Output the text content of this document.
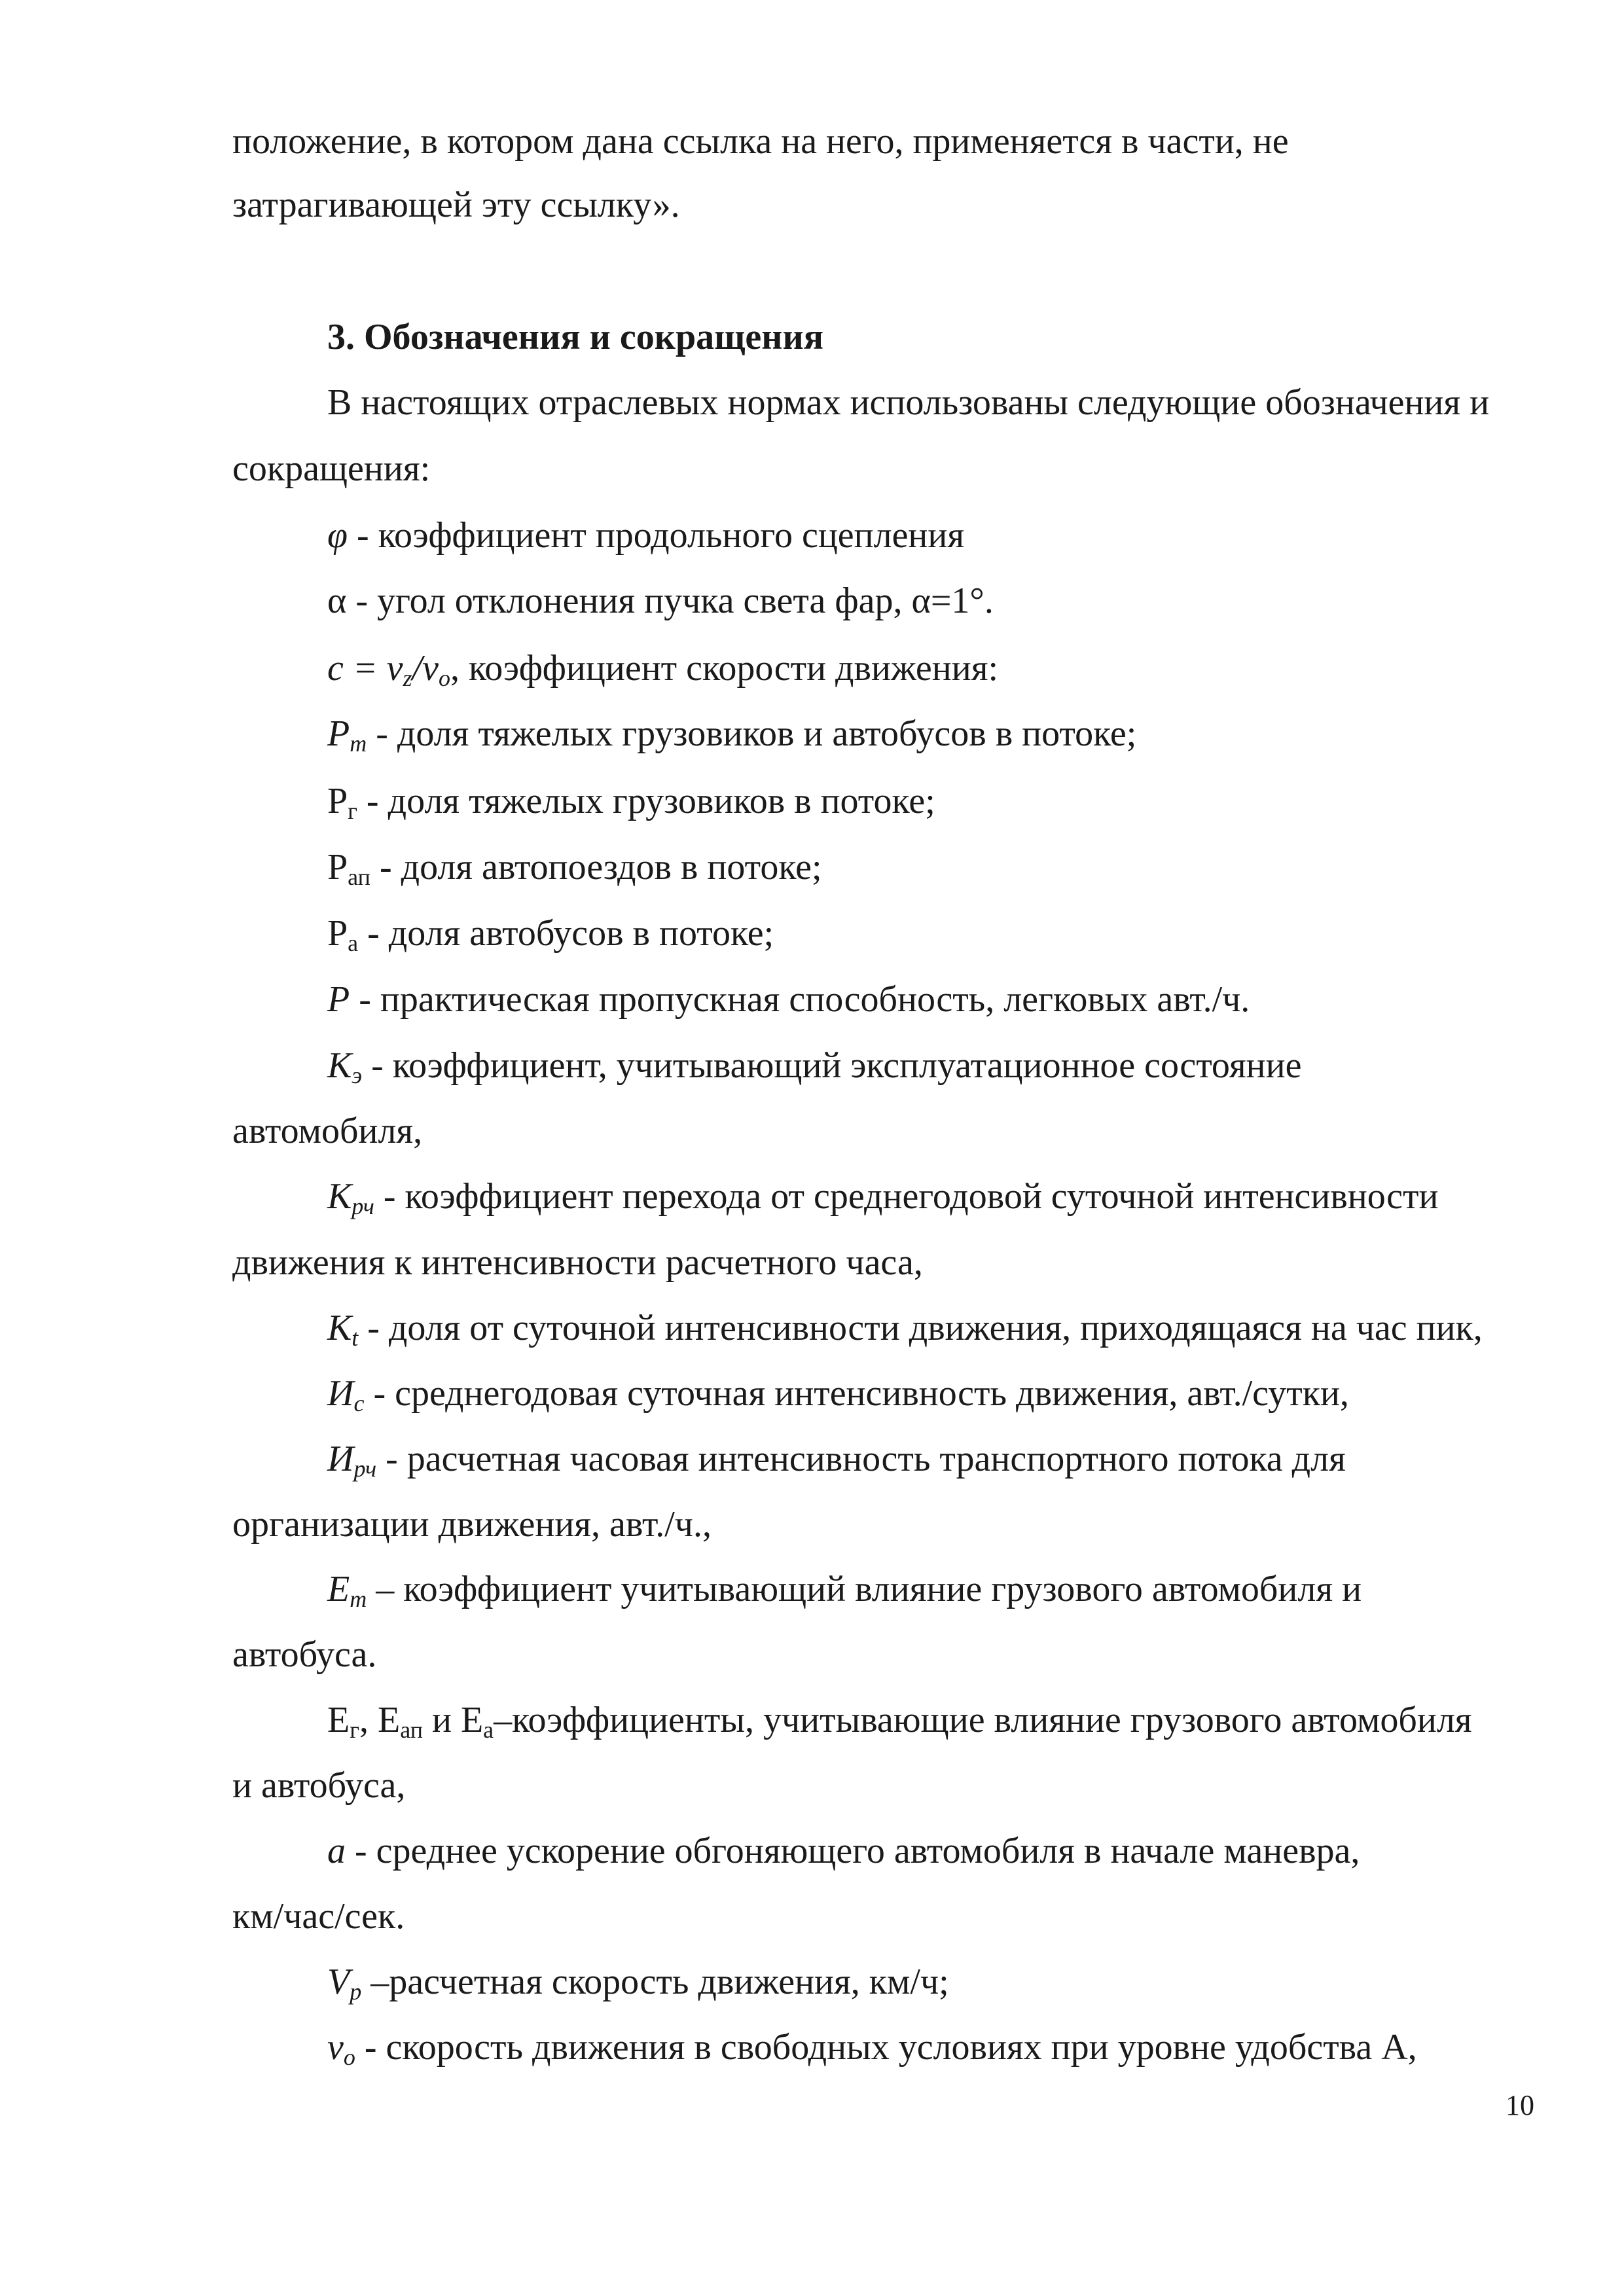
положение, в котором дана ссылка на него, применяется в части, не
затрагивающей эту ссылку».
3. Обозначения и сокращения
В настоящих отраслевых нормах использованы следующие обозначения и
сокращения:
φ - коэффициент продольного сцепления
α - угол отклонения пучка света фар, α=1°.
$c = v_z/v_o$, коэффициент скорости движения:
$P_m$ - доля тяжелых грузовиков и автобусов в потоке;
$Р_г$ - доля тяжелых грузовиков в потоке;
$Р_{ап}$ - доля автопоездов в потоке;
$Р_а$ - доля автобусов в потоке;
P - практическая пропускная способность, легковых авт./ч.
$К_э$ - коэффициент, учитывающий эксплуатационное состояние
автомобиля,
$К_{рч}$ - коэффициент перехода от среднегодовой суточной интенсивности
движения к интенсивности расчетного часа,
$К_t$ - доля от суточной интенсивности движения, приходящаяся на час пик,
$И_с$ - среднегодовая суточная интенсивность движения, авт./сутки,
$И_{рч}$ - расчетная часовая интенсивность транспортного потока для
организации движения, авт./ч.,
$E_m$ – коэффициент учитывающий влияние грузового автомобиля и
автобуса.
$Е_г$, $Е_{ап}$ и $Е_а$–коэффициенты, учитывающие влияние грузового автомобиля
и автобуса,
a - среднее ускорение обгоняющего автомобиля в начале маневра,
км/час/сек.
$V_p$ –расчетная скорость движения, км/ч;
$v_o$ - скорость движения в свободных условиях при уровне удобства А,
10
